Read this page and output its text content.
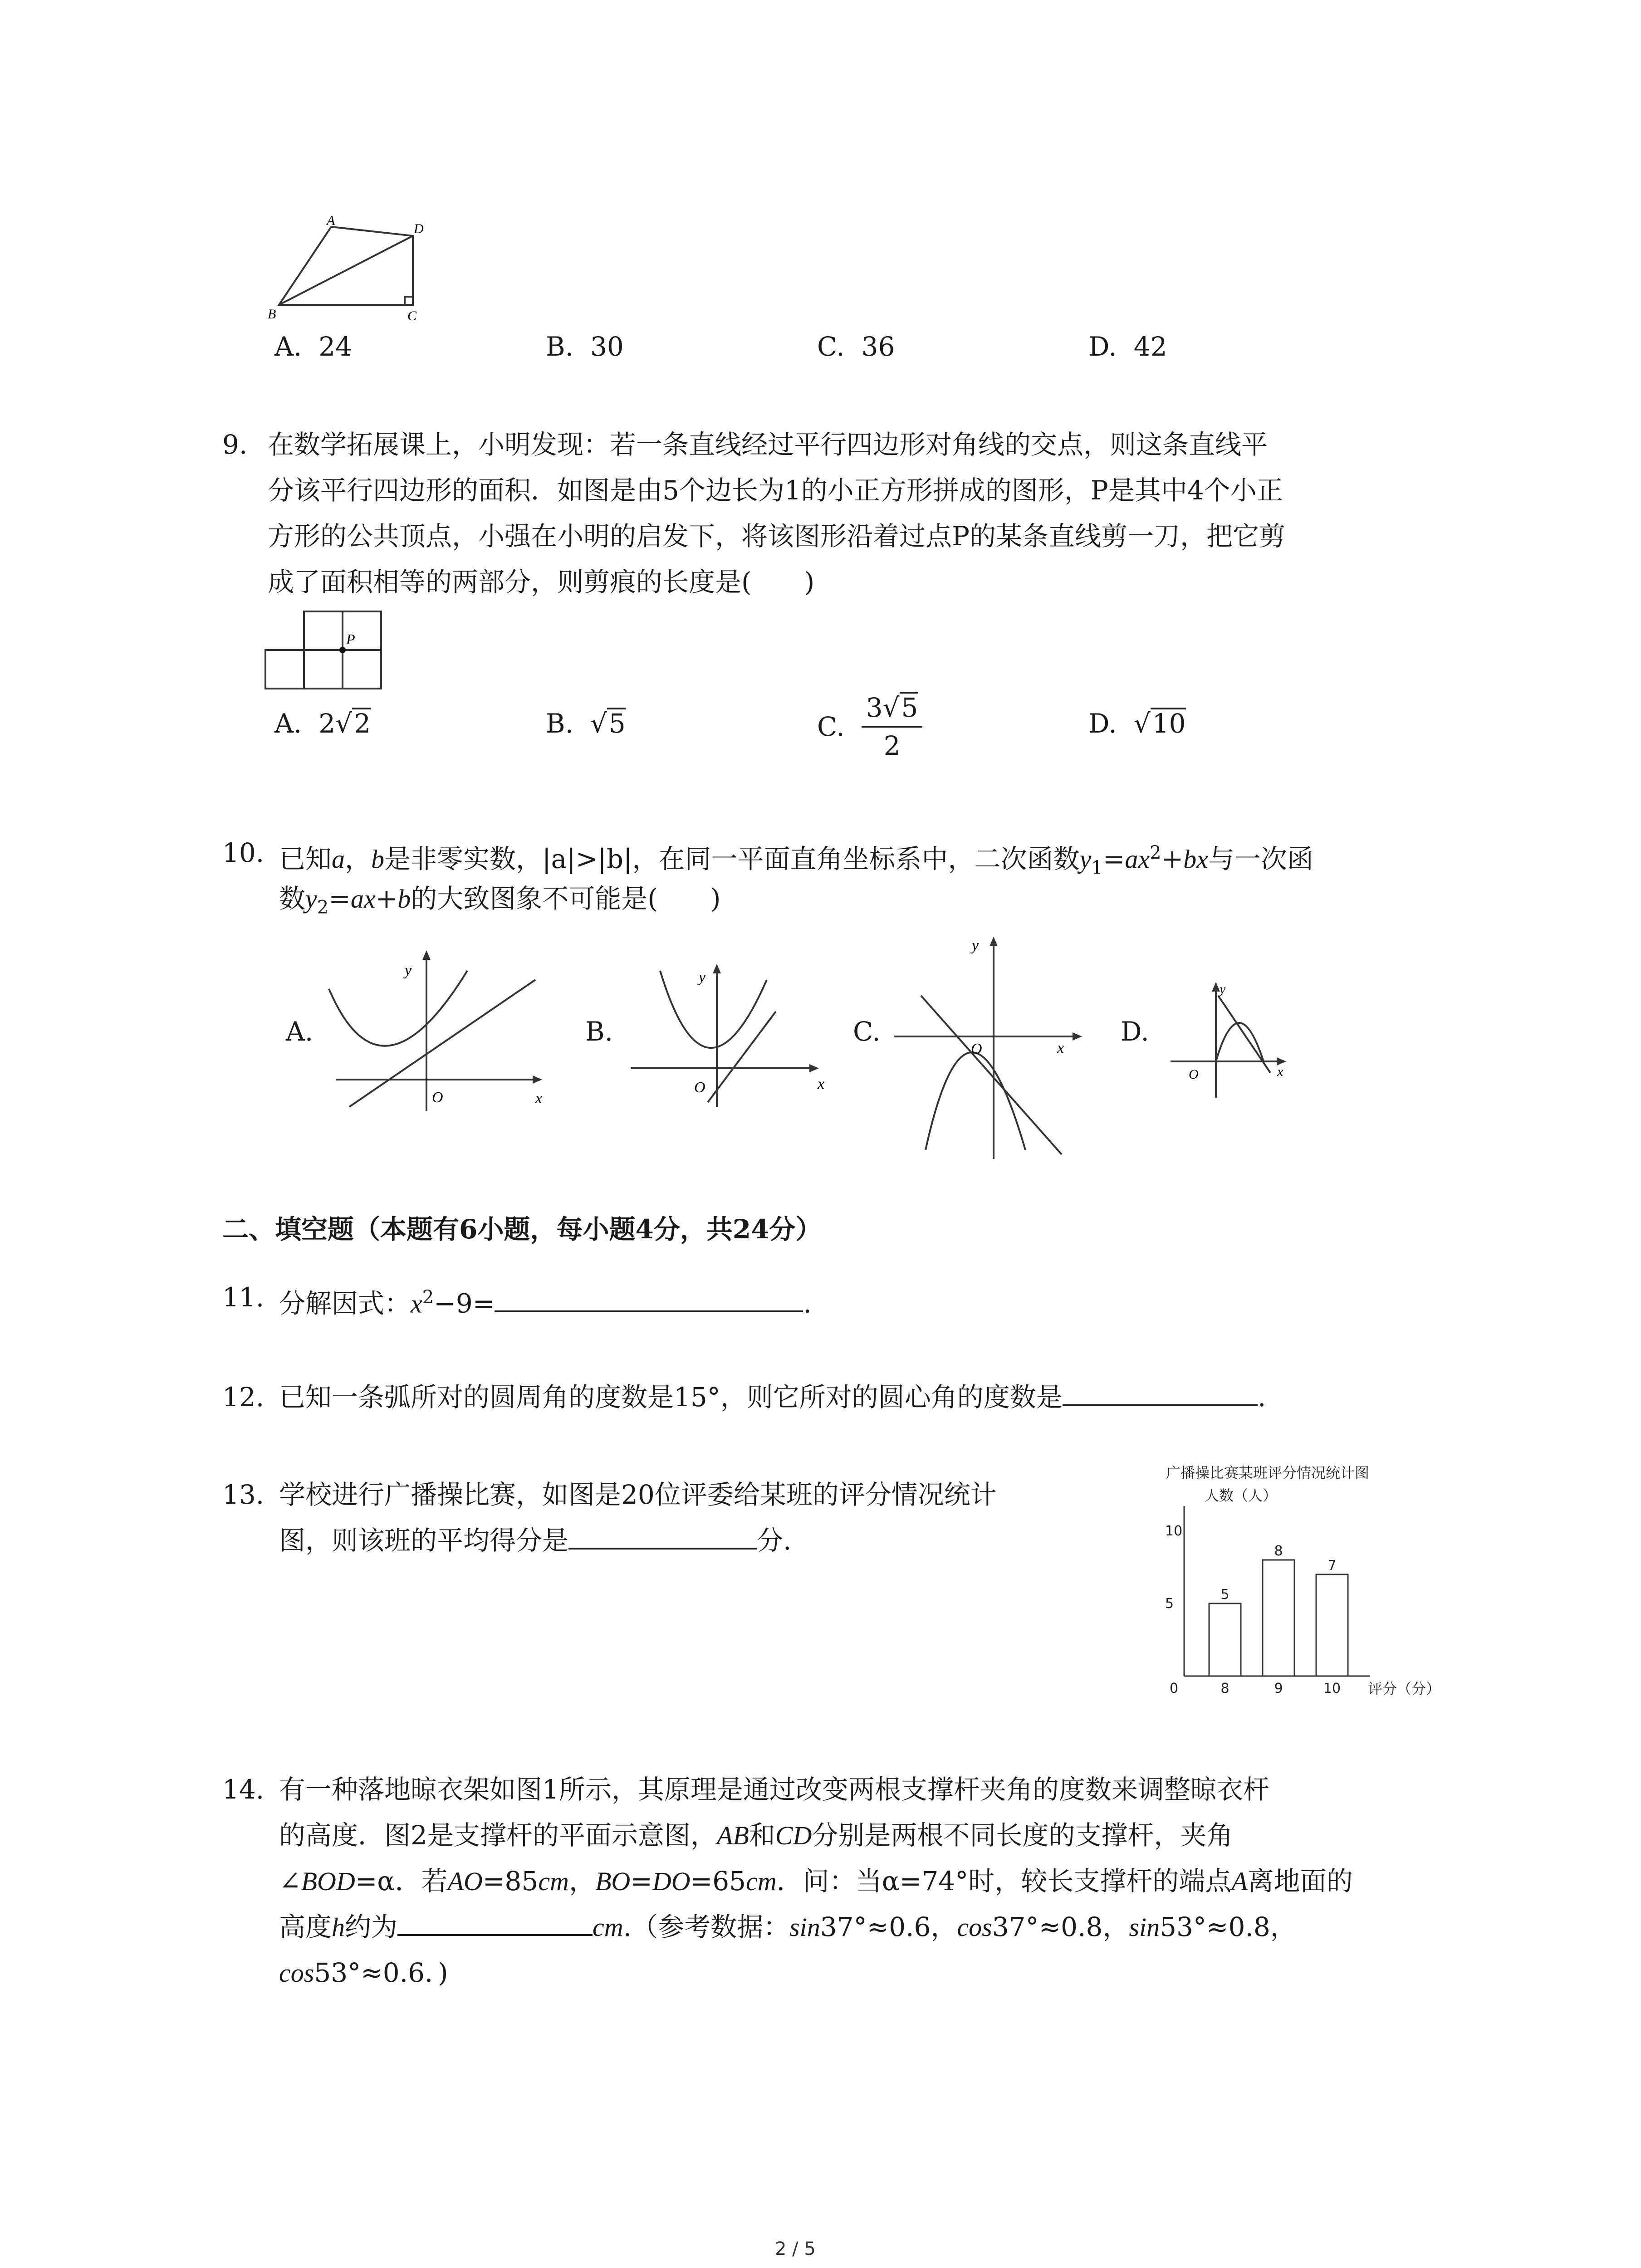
A
D
B	C
A. 24	B. 30	C. 36	D. 42
9. 在数学拓展课上，小明发现：若一条直线经过平行四边形对角线的交点，则这条直线平
分该平行四边形的面积．如图是由5个边长为1的小正方形拼成的图形，P是其中4个小正
方形的公共顶点，小强在小明的启发下，将该图形沿着过点P的某条直线剪一刀，把它剪
成了面积相等的两部分，则剪痕的长度是(　　)
P
A. 2√2	B. √5	C. $\frac{3√5}{2}$	D. √10
10. 已知a，b是非零实数，|a|>|b|，在同一平面直角坐标系中，二次函数$y_1=ax^2+bx$与一次函
数$y_2=ax+b$的大致图象不可能是(　　)
A.
y
x
O
B.
y
x
O
C.
y
x
O
D.
y
x
O
二、填空题（本题有6小题，每小题4分，共24分）
11. 分解因式：$x^2-9=$	.
12. 已知一条弧所对的圆周角的度数是15°，则它所对的圆心角的度数是	.
13. 学校进行广播操比赛，如图是20位评委给某班的评分情况统计
图，则该班的平均得分是	分.
广播操比赛某班评分情况统计图
人数（人）
评分（分）
0
5
10
5
8
8
9
7
10
14. 有一种落地晾衣架如图1所示，其原理是通过改变两根支撑杆夹角的度数来调整晾衣杆
的高度．图2是支撑杆的平面示意图，AB和CD分别是两根不同长度的支撑杆，夹角
∠BOD=α．若AO=85cm，BO=DO=65cm．问：当α=74°时，较长支撑杆的端点A离地面的
高度h约为	cm.（参考数据：sin37°≈0.6，cos37°≈0.8，sin53°≈0.8，
cos53°≈0.6．)
2 / 5
